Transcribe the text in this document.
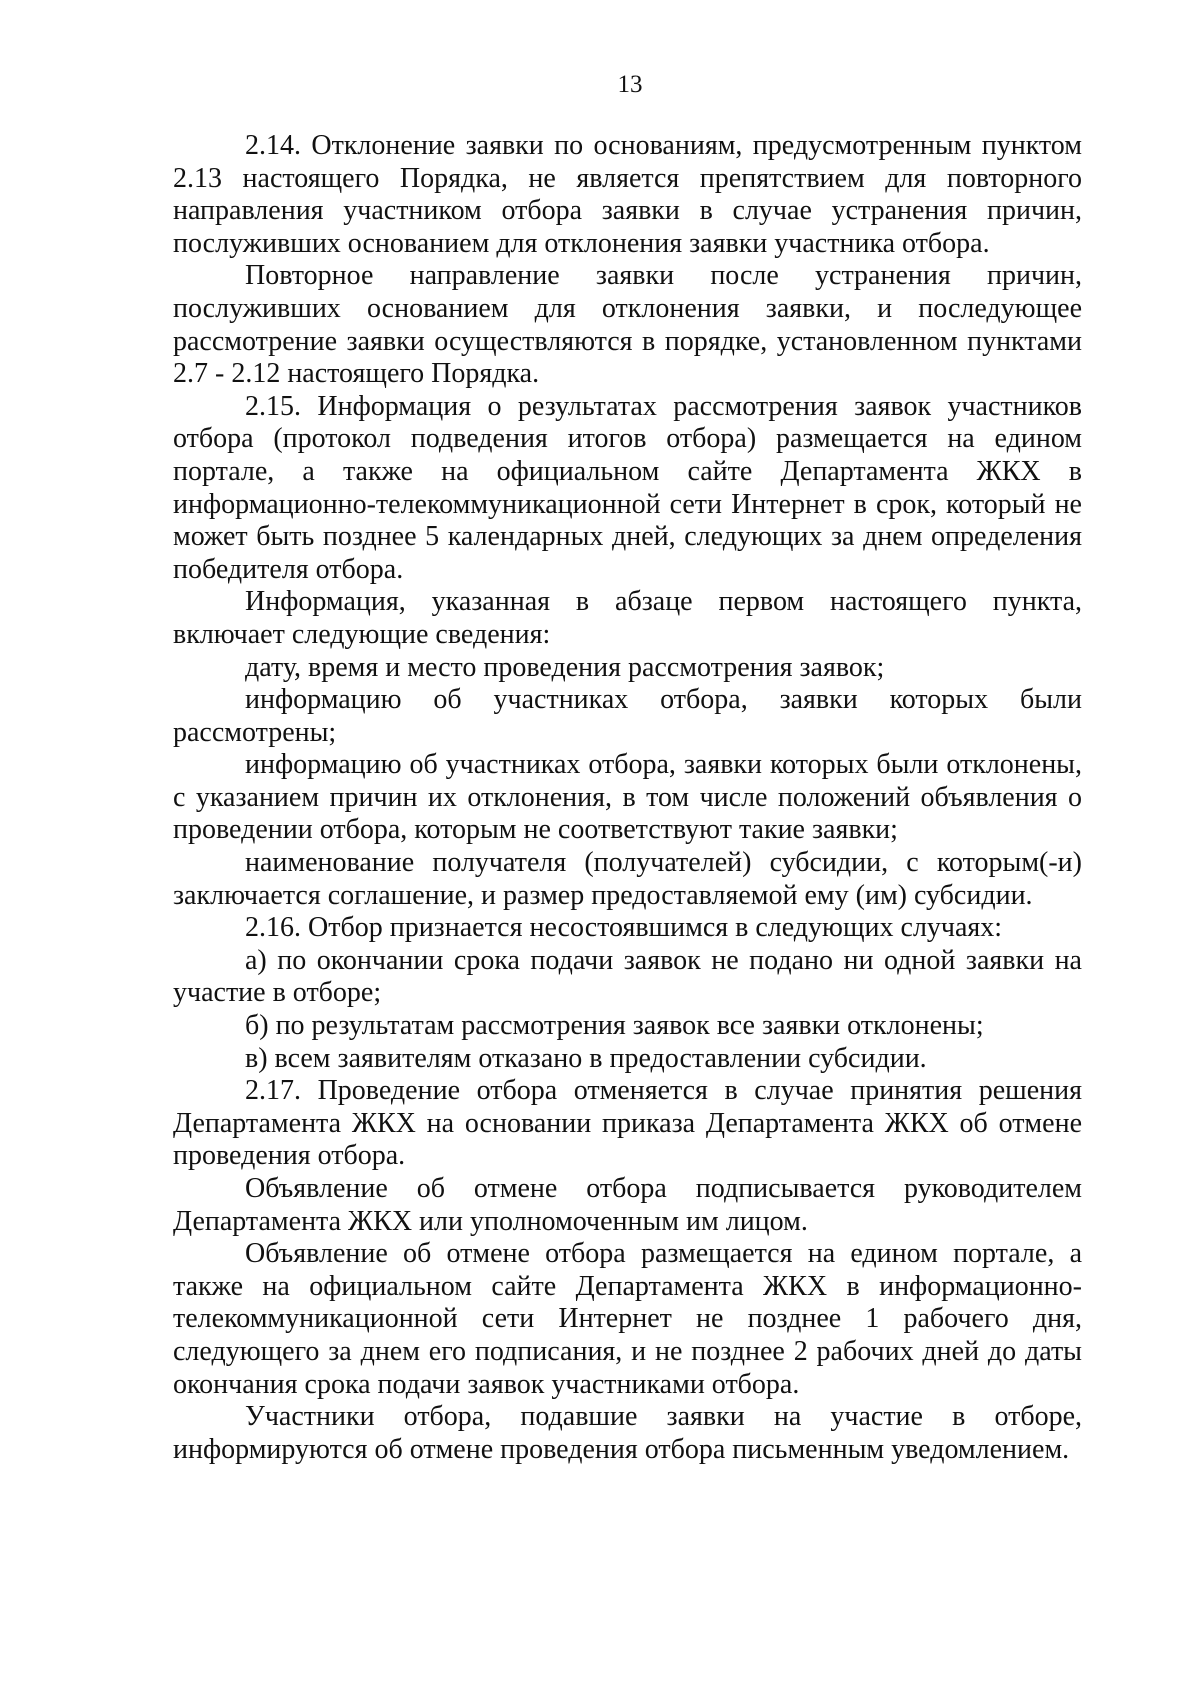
13

2.14. Отклонение заявки по основаниям, предусмотренным пунктом 2.13 настоящего Порядка, не является препятствием для повторного направления участником отбора заявки в случае устранения причин, послуживших основанием для отклонения заявки участника отбора.

Повторное направление заявки после устранения причин, послуживших основанием для отклонения заявки, и последующее рассмотрение заявки осуществляются в порядке, установленном пунктами 2.7 - 2.12 настоящего Порядка.

2.15. Информация о результатах рассмотрения заявок участников отбора (протокол подведения итогов отбора) размещается на едином портале, а также на официальном сайте Департамента ЖКХ в информационно-телекоммуникационной сети Интернет в срок, который не может быть позднее 5 календарных дней, следующих за днем определения победителя отбора.

Информация, указанная в абзаце первом настоящего пункта, включает следующие сведения:

дату, время и место проведения рассмотрения заявок;

информацию об участниках отбора, заявки которых были рассмотрены;

информацию об участниках отбора, заявки которых были отклонены, с указанием причин их отклонения, в том числе положений объявления о проведении отбора, которым не соответствуют такие заявки;

наименование получателя (получателей) субсидии, с которым(-и) заключается соглашение, и размер предоставляемой ему (им) субсидии.

2.16. Отбор признается несостоявшимся в следующих случаях:

а) по окончании срока подачи заявок не подано ни одной заявки на участие в отборе;

б) по результатам рассмотрения заявок все заявки отклонены;

в) всем заявителям отказано в предоставлении субсидии.

2.17. Проведение отбора отменяется в случае принятия решения Департамента ЖКХ на основании приказа Департамента ЖКХ об отмене проведения отбора.

Объявление об отмене отбора подписывается руководителем Департамента ЖКХ или уполномоченным им лицом.

Объявление об отмене отбора размещается на едином портале, а также на официальном сайте Департамента ЖКХ в информационно-телекоммуникационной сети Интернет не позднее 1 рабочего дня, следующего за днем его подписания, и не позднее 2 рабочих дней до даты окончания срока подачи заявок участниками отбора.

Участники отбора, подавшие заявки на участие в отборе, информируются об отмене проведения отбора письменным уведомлением.
